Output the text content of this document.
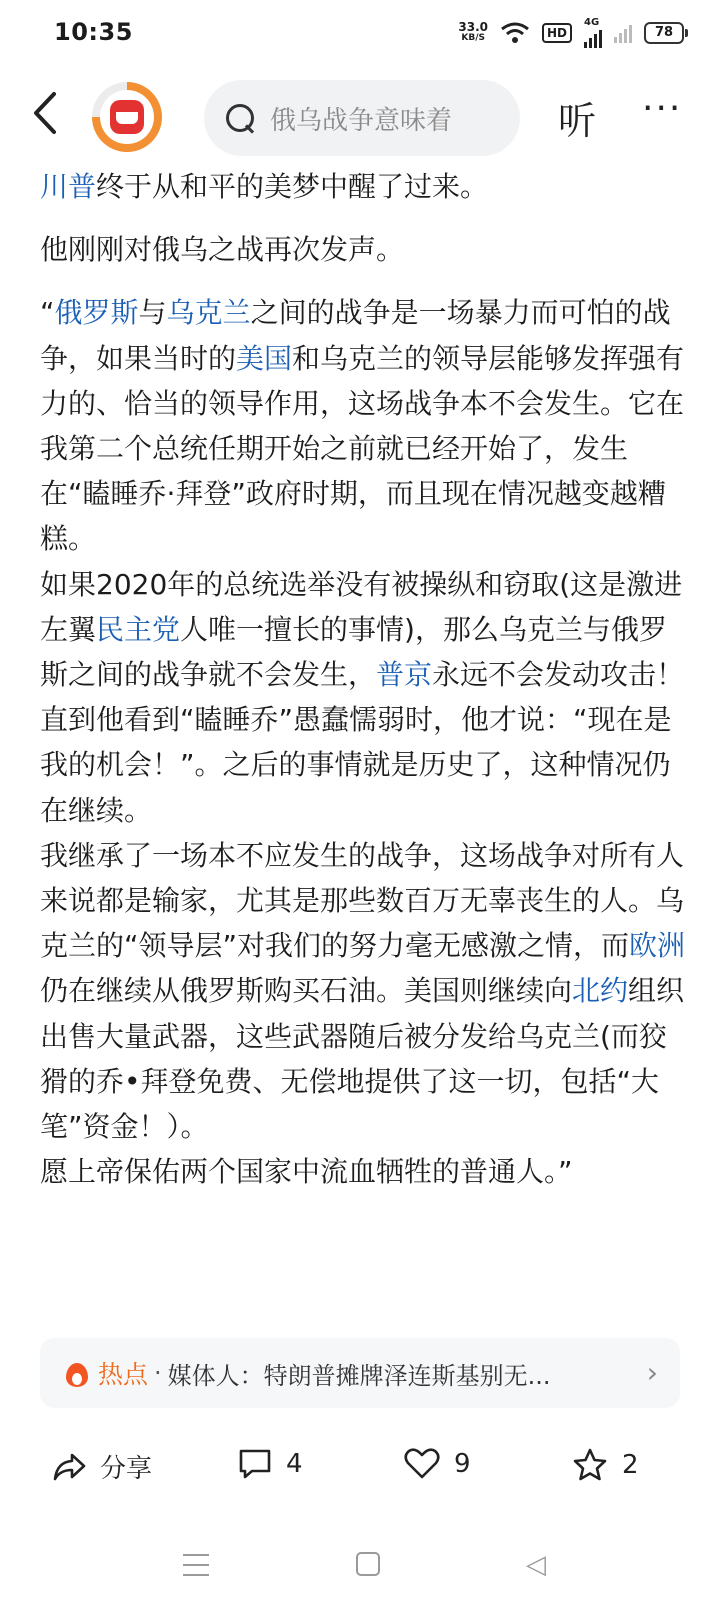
10:35	33.0
KB/S	HD
4G
78
俄乌战争意味着	听 ···

川普终于从和平的美梦中醒了过来。

他刚刚对俄乌之战再次发声。

“俄罗斯与乌克兰之间的战争是一场暴力而可怕的战争，如果当时的美国和乌克兰的领导层能够发挥强有力的、恰当的领导作用，这场战争本不会发生。它在我第二个总统任期开始之前就已经开始了，发生在“瞌睡乔·拜登”政府时期，而且现在情况越变越糟糕。

如果2020年的总统选举没有被操纵和窃取(这是激进左翼民主党人唯一擅长的事情)，那么乌克兰与俄罗斯之间的战争就不会发生，普京永远不会发动攻击！直到他看到“瞌睡乔”愚蠢懦弱时，他才说：“现在是我的机会！”。之后的事情就是历史了，这种情况仍在继续。

我继承了一场本不应发生的战争，这场战争对所有人来说都是输家，尤其是那些数百万无辜丧生的人。乌克兰的“领导层”对我们的努力毫无感激之情，而欧洲仍在继续从俄罗斯购买石油。美国则继续向北约组织出售大量武器，这些武器随后被分发给乌克兰(而狡猾的乔•拜登免费、无偿地提供了这一切，包括“大笔”资金！）。

愿上帝保佑两个国家中流血牺牲的普通人。”

热点 · 媒体人：特朗普摊牌泽连斯基别无...	›
分享	4	9	2
◁
